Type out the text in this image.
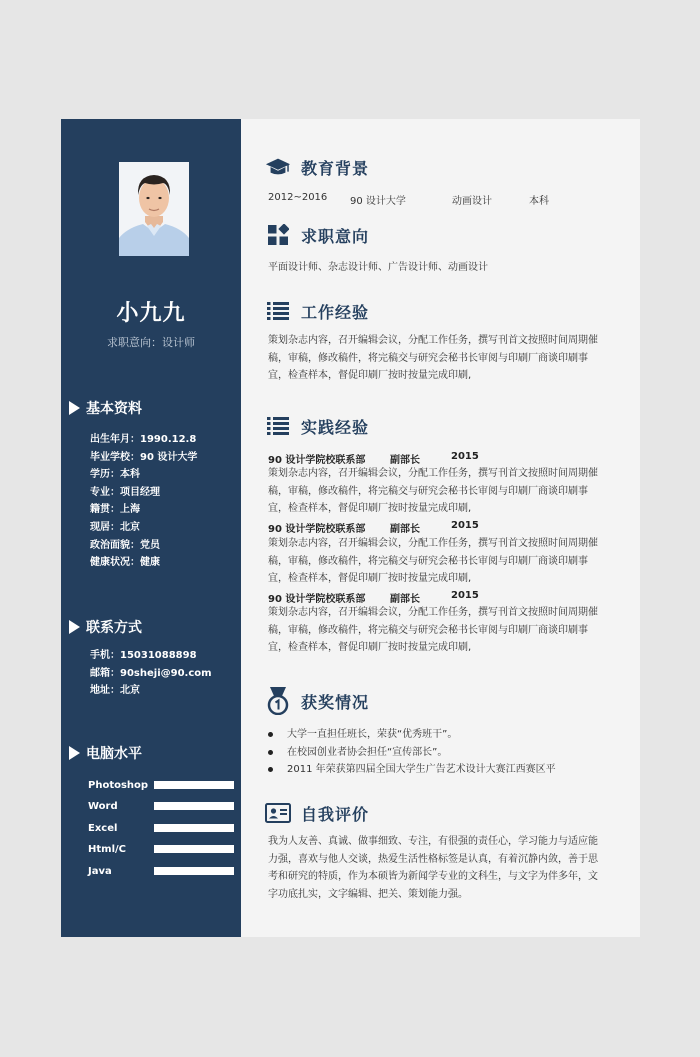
小九九
求职意向：设计师
基本资料
出生年月：1990.12.8
毕业学校：90 设计大学
学历：本科
专业：项目经理
籍贯：上海
现居：北京
政治面貌：党员
健康状况：健康
联系方式
手机：15031088898
邮箱：90sheji@90.com
地址：北京
电脑水平
Photoshop
Word
Excel
Html/C
Java
教育背景
2012~2016 90 设计大学	动画设计	本科
求职意向
平面设计师、杂志设计师、广告设计师、动画设计
工作经验
策划杂志内容，召开编辑会议，分配工作任务，撰写刊首文按照时间周期催稿，审稿，修改稿件，将完稿交与研究会秘书长审阅与印刷厂商谈印刷事宜，检查样本，督促印刷厂按时按量完成印刷,
实践经验
90 设计学院校联系部 副部长	2015
策划杂志内容，召开编辑会议，分配工作任务，撰写刊首文按照时间周期催稿，审稿，修改稿件，将完稿交与研究会秘书长审阅与印刷厂商谈印刷事宜，检查样本，督促印刷厂按时按量完成印刷,
90 设计学院校联系部 副部长	2015
策划杂志内容，召开编辑会议，分配工作任务，撰写刊首文按照时间周期催稿，审稿，修改稿件，将完稿交与研究会秘书长审阅与印刷厂商谈印刷事宜，检查样本，督促印刷厂按时按量完成印刷,
90 设计学院校联系部 副部长	2015
策划杂志内容，召开编辑会议，分配工作任务，撰写刊首文按照时间周期催稿，审稿，修改稿件，将完稿交与研究会秘书长审阅与印刷厂商谈印刷事宜，检查样本，督促印刷厂按时按量完成印刷,
获奖情况
大学一直担任班长，荣获“优秀班干”。
在校园创业者协会担任“宣传部长”。
2011 年荣获第四届全国大学生广告艺术设计大赛江西赛区平
自我评价
我为人友善、真诚、做事细致、专注，有很强的责任心，学习能力与适应能力强，喜欢与他人交谈，热爱生活性格标签是认真，有着沉静内敛，善于思考和研究的特质，作为本硕皆为新闻学专业的文科生，与文字为伴多年，文字功底扎实，文字编辑、把关、策划能力强。
